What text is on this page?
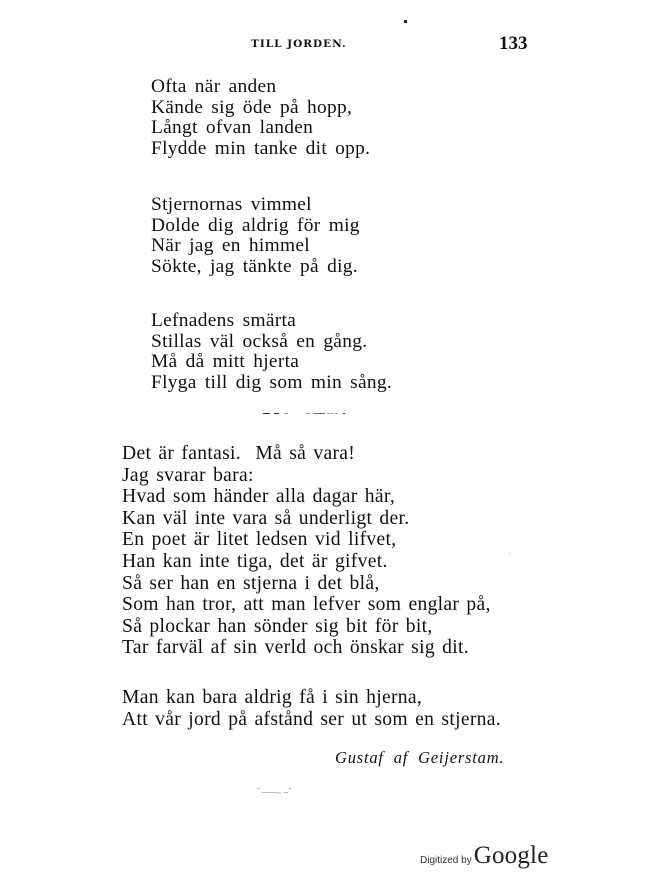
TILL JORDEN.	133
Ofta när anden
Kände sig öde på hopp,
Långt ofvan landen
Flydde min tanke dit opp.
Stjernornas vimmel
Dolde dig aldrig för mig
När jag en himmel
Sökte, jag tänkte på dig.
Lefnadens smärta
Stillas väl också en gång.
Må då mitt hjerta
Flyga till dig som min sång.
Det är fantasi.  Må så vara!
Jag svarar bara:
Hvad som händer alla dagar här,
Kan väl inte vara så underligt der.
En poet är litet ledsen vid lifvet,
Han kan inte tiga, det är gifvet.
Så ser han en stjerna i det blå,
Som han tror, att man lefver som englar på,
Så plockar han sönder sig bit för bit,
Tar farväl af sin verld och önskar sig dit.
Man kan bara aldrig få i sin hjerna,
Att vår jord på afstånd ser ut som en stjerna.
Gustaf af Geijerstam.
˘ ⌣⌣⌣⌢ ⌣˘
Digitized by Google
